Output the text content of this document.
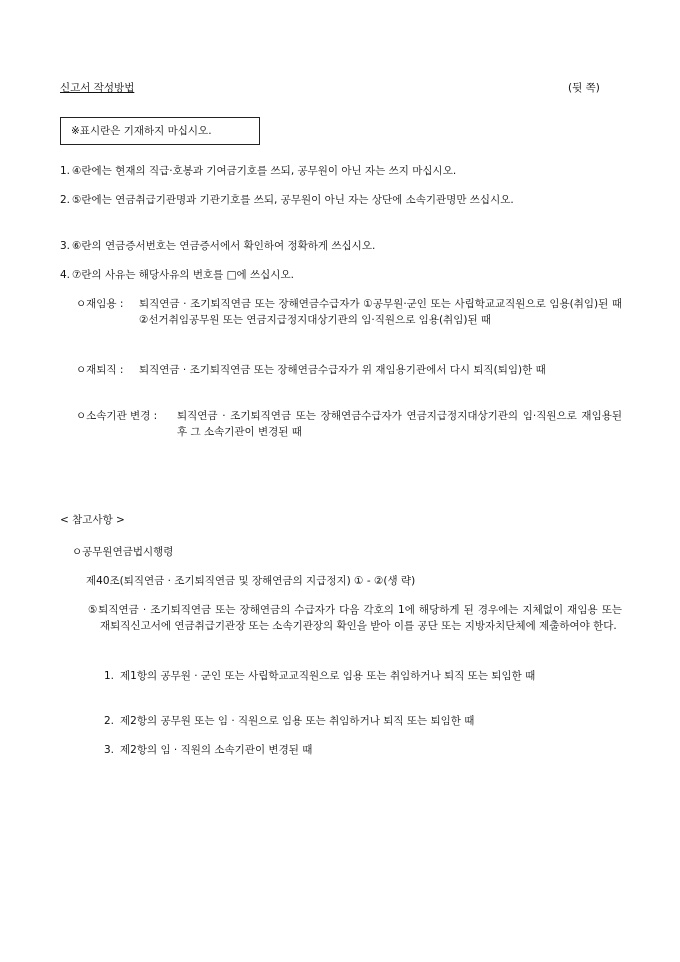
신고서 작성방법	(뒷 쪽)
※표시란은 기재하지 마십시오.
1. ④란에는 현재의 직급·호봉과 기여금기호를 쓰되, 공무원이 아닌 자는 쓰지 마십시오.
2. ⑤란에는 연금취급기관명과 기관기호를 쓰되, 공무원이 아닌 자는 상단에 소속기관명만 쓰십시오.
3. ⑥란의 연금증서번호는 연금증서에서 확인하여 정확하게 쓰십시오.
4. ⑦란의 사유는 해당사유의 번호를 □에 쓰십시오.
ㅇ재임용 : 퇴직연금 · 조기퇴직연금 또는 장해연금수급자가 ①공무원·군인 또는 사립학교교직원으로 임용(취임)된 때 ②선거취임공무원 또는 연금지급정지대상기관의 임·직원으로 임용(취임)된 때
ㅇ재퇴직 : 퇴직연금 · 조기퇴직연금 또는 장해연금수급자가 위 재임용기관에서 다시 퇴직(퇴임)한 때
ㅇ소속기관 변경 : 퇴직연금 · 조기퇴직연금 또는 장해연금수급자가 연금지급정지대상기관의 임·직원으로 재임용된 후 그 소속기관이 변경된 때
< 참고사항 >
ㅇ공무원연금법시행령
제40조(퇴직연금 · 조기퇴직연금 및 장해연금의 지급정지) ① - ②(생 략)
⑤퇴직연금 · 조기퇴직연금 또는 장해연금의 수급자가 다음 각호의 1에 해당하게 된 경우에는 지체없이 재임용 또는 재퇴직신고서에 연금취급기관장 또는 소속기관장의 확인을 받아 이를 공단 또는 지방자치단체에 제출하여야 한다.
1. 제1항의 공무원 · 군인 또는 사립학교교직원으로 임용 또는 취임하거나 퇴직 또는 퇴임한 때
2. 제2항의 공무원 또는 임 · 직원으로 임용 또는 취임하거나 퇴직 또는 퇴임한 때
3. 제2항의 임 · 직원의 소속기관이 변경된 때
